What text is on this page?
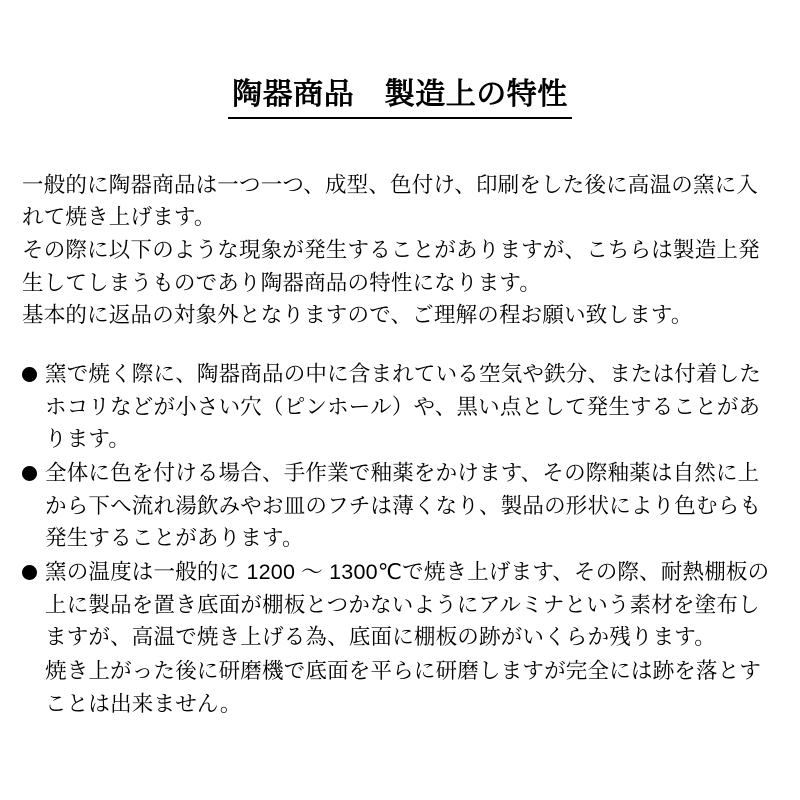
陶器商品　製造上の特性

一般的に陶器商品は一つ一つ、成型、色付け、印刷をした後に高温の窯に入れて焼き上げます。

その際に以下のような現象が発生することがありますが、こちらは製造上発生してしまうものであり陶器商品の特性になります。

基本的に返品の対象外となりますので、ご理解の程お願い致します。

窯で焼く際に、陶器商品の中に含まれている空気や鉄分、または付着したホコリなどが小さい穴（ピンホール）や、黒い点として発生することがあります。
全体に色を付ける場合、手作業で釉薬をかけます、その際釉薬は自然に上から下へ流れ湯飲みやお皿のフチは薄くなり、製品の形状により色むらも発生することがあります。
窯の温度は一般的に 1200 ～ 1300℃で焼き上げます、その際、耐熱棚板の上に製品を置き底面が棚板とつかないようにアルミナという素材を塗布しますが、高温で焼き上げる為、底面に棚板の跡がいくらか残ります。

焼き上がった後に研磨機で底面を平らに研磨しますが完全には跡を落とすことは出来ません。
